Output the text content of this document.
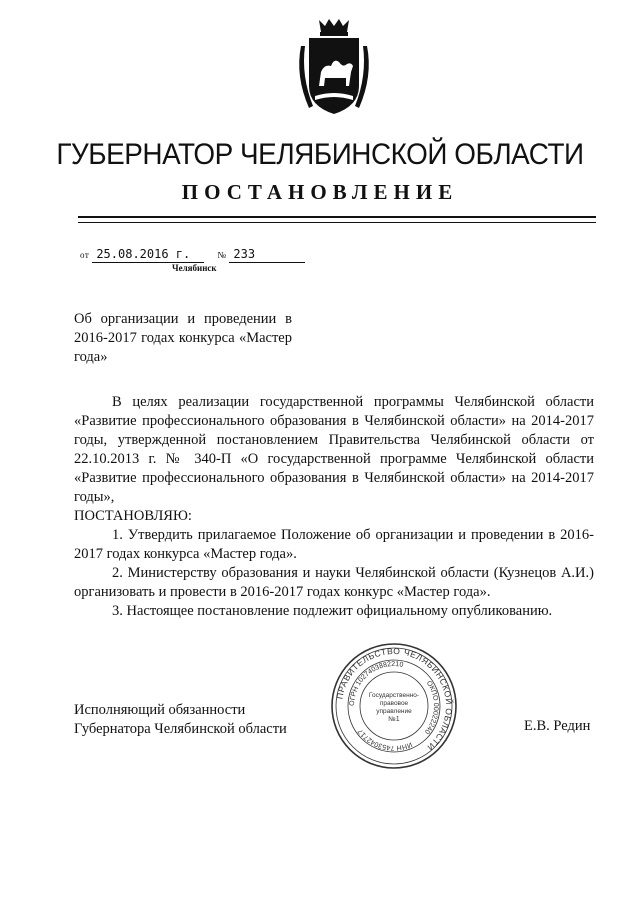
ГУБЕРНАТОР ЧЕЛЯБИНСКОЙ ОБЛАСТИ
ПОСТАНОВЛЕНИЕ
от 25.08.2016 г.	№ 233
Челябинск
Об организации и проведении в 2016-2017 годах конкурса «Мастер года»

В целях реализации государственной программы Челябинской области «Развитие профессионального образования в Челябинской области» на 2014-2017 годы, утвержденной постановлением Правительства Челябинской области от 22.10.2013 г. № 340-П «О государственной программе Челябинской области «Развитие профессионального образования в Челябинской области» на 2014-2017 годы»,

ПОСТАНОВЛЯЮ:

1. Утвердить прилагаемое Положение об организации и проведении в 2016-2017 годах конкурса «Мастер года».

2. Министерству образования и науки Челябинской области (Кузнецов А.И.) организовать и провести в 2016-2017 годах конкурс «Мастер года».

3. Настоящее постановление подлежит официальному опубликованию.

ПРАВИТЕЛЬСТВО ЧЕЛЯБИНСКОЙ ОБЛАСТИ
ОГРН 1027403882210
ОКПО 00022240
ИНН 7453042717
Государственно-
правовое
управление
№1
Исполняющий обязанности
Губернатора Челябинской области	Е.В. Редин
